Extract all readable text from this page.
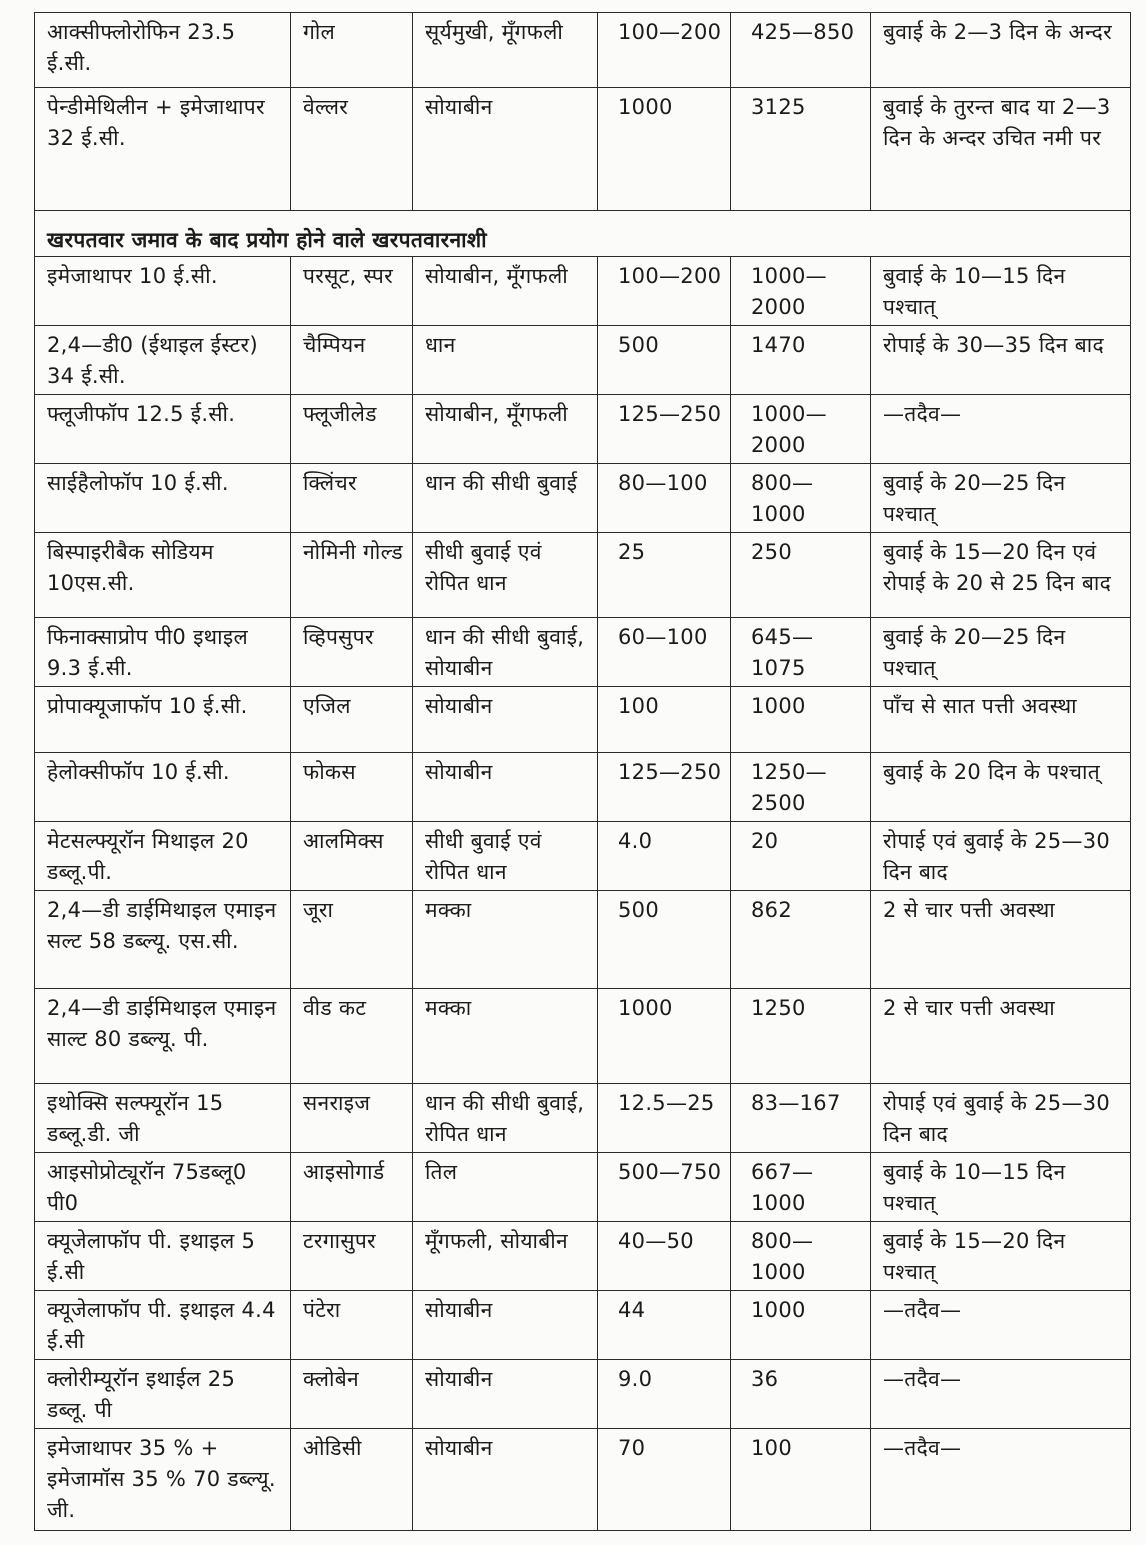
आक्सीफ्लोरोफिन 23.5 ई.सी.	गोल	सूर्यमुखी, मूँगफली	100—200	425—850	बुवाई के 2—3 दिन के अन्दर
पेन्डीमेथिलीन + इमेजाथापर 32 ई.सी.	वेल्लर	सोयाबीन	1000	3125	बुवाई के तुरन्त बाद या 2—3 दिन के अन्दर उचित नमी पर
खरपतवार जमाव के बाद प्रयोग होने वाले खरपतवारनाशी					
इमेजाथापर 10 ई.सी.	परसूट, स्पर	सोयाबीन, मूँगफली	100—200	1000—2000	बुवाई के 10—15 दिन पश्चात्
2,4—डी0 (ईथाइल ईस्टर) 34 ई.सी.	चैम्पियन	धान	500	1470	रोपाई के 30—35 दिन बाद
फ्लूजीफॉप 12.5 ई.सी.	फ्लूजीलेड	सोयाबीन, मूँगफली	125—250	1000—2000	—तदैव—
साईहैलोफॉप 10 ई.सी.	क्लिंचर	धान की सीधी बुवाई	80—100	800—1000	बुवाई के 20—25 दिन पश्चात्
बिस्पाइरीबैक सोडियम 10एस.सी.	नोमिनी गोल्ड	सीधी बुवाई एवं रोपित धान	25	250	बुवाई के 15—20 दिन एवं रोपाई के 20 से 25 दिन बाद
फिनाक्साप्रोप पी0 इथाइल 9.3 ई.सी.	व्हिपसुपर	धान की सीधी बुवाई, सोयाबीन	60—100	645—1075	बुवाई के 20—25 दिन पश्चात्
प्रोपाक्यूजाफॉप 10 ई.सी.	एजिल	सोयाबीन	100	1000	पाँच से सात पत्ती अवस्था
हेलोक्सीफॉप 10 ई.सी.	फोकस	सोयाबीन	125—250	1250—2500	बुवाई के 20 दिन के पश्चात्
मेटसल्फ्यूरॉन मिथाइल 20 डब्लू.पी.	आलमिक्स	सीधी बुवाई एवं रोपित धान	4.0	20	रोपाई एवं बुवाई के 25—30 दिन बाद
2,4—डी डाईमिथाइल एमाइन सल्ट 58 डब्ल्यू. एस.सी.	जूरा	मक्का	500	862	2 से चार पत्ती अवस्था
2,4—डी डाईमिथाइल एमाइन साल्ट 80 डब्ल्यू. पी.	वीड कट	मक्का	1000	1250	2 से चार पत्ती अवस्था
इथोक्सि सल्फ्यूरॉन 15 डब्लू.डी. जी	सनराइज	धान की सीधी बुवाई, रोपित धान	12.5—25	83—167	रोपाई एवं बुवाई के 25—30 दिन बाद
आइसोप्रोट्यूरॉन 75डब्लू0 पी0	आइसोगार्ड	तिल	500—750	667—1000	बुवाई के 10—15 दिन पश्चात्
क्यूजेलाफॉप पी. इथाइल 5 ई.सी	टरगासुपर	मूँगफली, सोयाबीन	40—50	800—1000	बुवाई के 15—20 दिन पश्चात्
क्यूजेलाफॉप पी. इथाइल 4.4 ई.सी	पंटेरा	सोयाबीन	44	1000	—तदैव—
क्लोरीम्यूरॉन इथाईल 25 डब्लू. पी	क्लोबेन	सोयाबीन	9.0	36	—तदैव—
इमेजाथापर 35 % + इमेजामॉस 35 % 70 डब्ल्यू. जी.	ओडिसी	सोयाबीन	70	100	—तदैव—
